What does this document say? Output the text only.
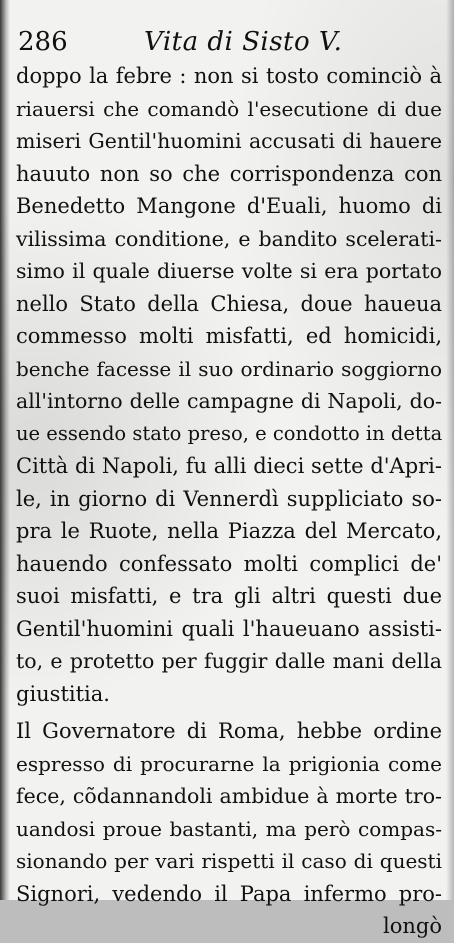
286	Vita di Sisto V.
doppo la febre : non si tosto cominciò à
riauersi che comandò l'esecutione di due
miseri Gentil'huomini accusati di hauere
hauuto non so che corrispondenza con
Benedetto Mangone d'Euali, huomo di
vilissima conditione, e bandito scelerati-
simo il quale diuerse volte si era portato
nello Stato della Chiesa, doue haueua
commesso molti misfatti, ed homicidi,
benche facesse il suo ordinario soggiorno
all'intorno delle campagne di Napoli, do-
ue essendo stato preso, e condotto in detta
Città di Napoli, fu alli dieci sette d'Apri-
le, in giorno di Vennerdì suppliciato so-
pra le Ruote, nella Piazza del Mercato,
hauendo confessato molti complici de'
suoi misfatti, e tra gli altri questi due
Gentil'huomini quali l'haueuano assisti-
to, e protetto per fuggir dalle mani della
giustitia.
Il Governatore di Roma, hebbe ordine
espresso di procurarne la prigionia come
fece, cõdannandoli ambidue à morte tro-
uandosi proue bastanti, ma però compas-
sionando per vari rispetti il caso di questi
Signori, vedendo il Papa infermo pro-
longò
